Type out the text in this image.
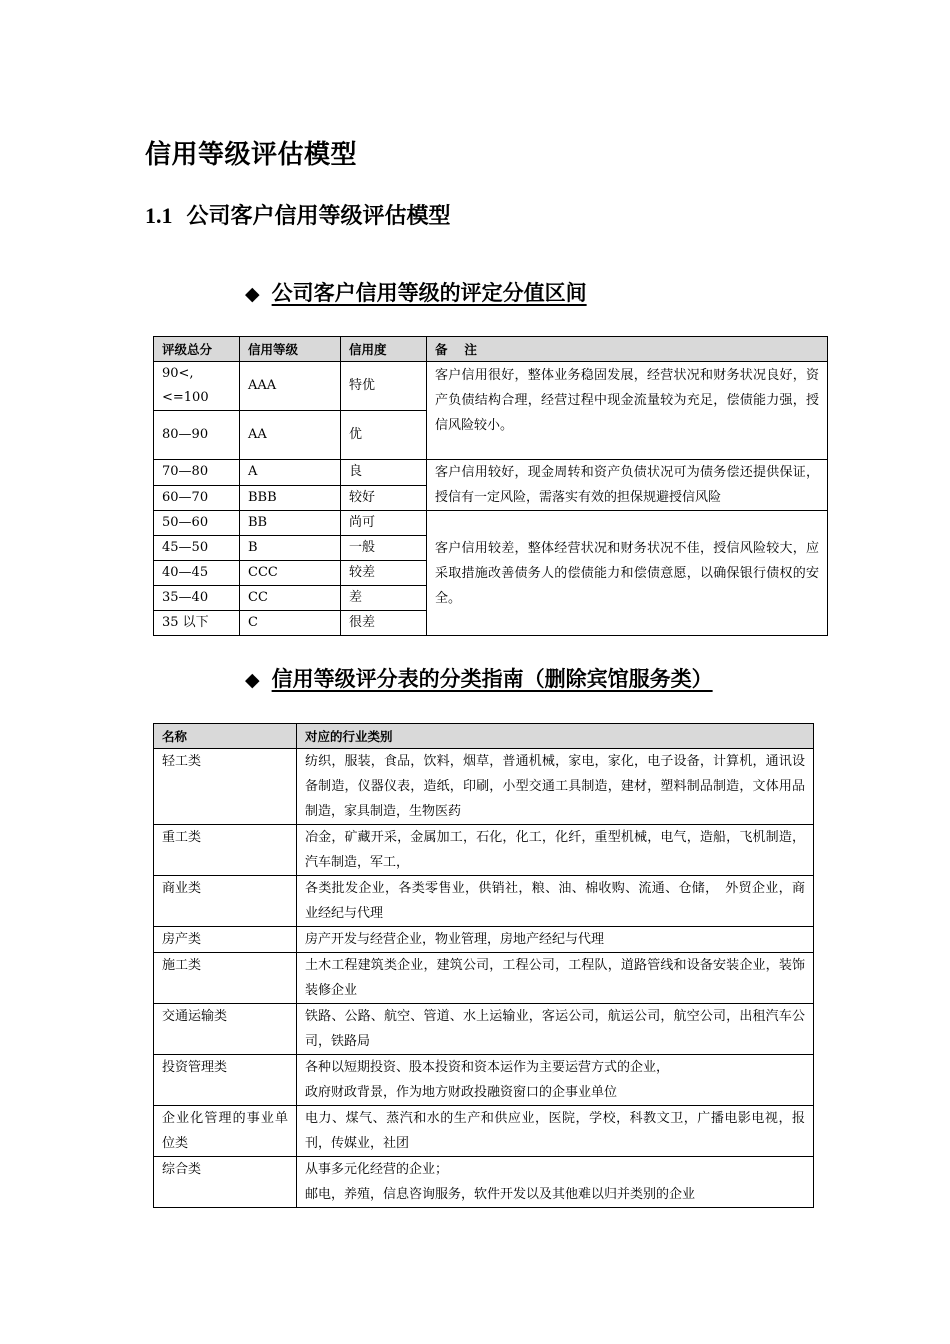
信用等级评估模型
1.1 公司客户信用等级评估模型
◆ 公司客户信用等级的评定分值区间
评级总分	信用等级	信用度	备　 注
90<,<=100	AAA	特优	客户信用很好，整体业务稳固发展，经营状况和财务状况良好，资产负债结构合理，经营过程中现金流量较为充足，偿债能力强，授信风险较小。
80—90	AA	优	
70—80	A	良	客户信用较好，现金周转和资产负债状况可为债务偿还提供保证，授信有一定风险，需落实有效的担保规避授信风险
60—70	BBB	较好	
50—60	BB	尚可	客户信用较差，整体经营状况和财务状况不佳，授信风险较大，应采取措施改善债务人的偿债能力和偿债意愿，以确保银行债权的安全。
45—50	B	一般	
40—45	CCC	较差	
35—40	CC	差	
35 以下	C	很差	
◆ 信用等级评分表的分类指南（删除宾馆服务类）
名称	对应的行业类别
轻工类	纺织，服装，食品，饮料，烟草，普通机械，家电，家化，电子设备，计算机，通讯设备制造，仪器仪表，造纸，印刷，小型交通工具制造，建材，塑料制品制造，文体用品制造，家具制造，生物医药
重工类	冶金，矿藏开采，金属加工，石化，化工，化纤，重型机械，电气，造船，飞机制造，汽车制造，军工，
商业类	各类批发企业，各类零售业，供销社，粮、油、棉收购、流通、仓储，　外贸企业，商业经纪与代理
房产类	房产开发与经营企业，物业管理，房地产经纪与代理
施工类	土木工程建筑类企业，建筑公司，工程公司，工程队，道路管线和设备安装企业，装饰装修企业
交通运输类	铁路、公路、航空、管道、水上运输业，客运公司，航运公司，航空公司，出租汽车公司，铁路局
投资管理类	各种以短期投资、股本投资和资本运作为主要运营方式的企业，
政府财政背景，作为地方财政投融资窗口的企事业单位

企业化管理的事业单位类	电力、煤气、蒸汽和水的生产和供应业，医院，学校，科教文卫，广播电影电视，报刊，传媒业，社团
综合类	从事多元化经营的企业；
邮电，养殖，信息咨询服务，软件开发以及其他难以归并类别的企业
